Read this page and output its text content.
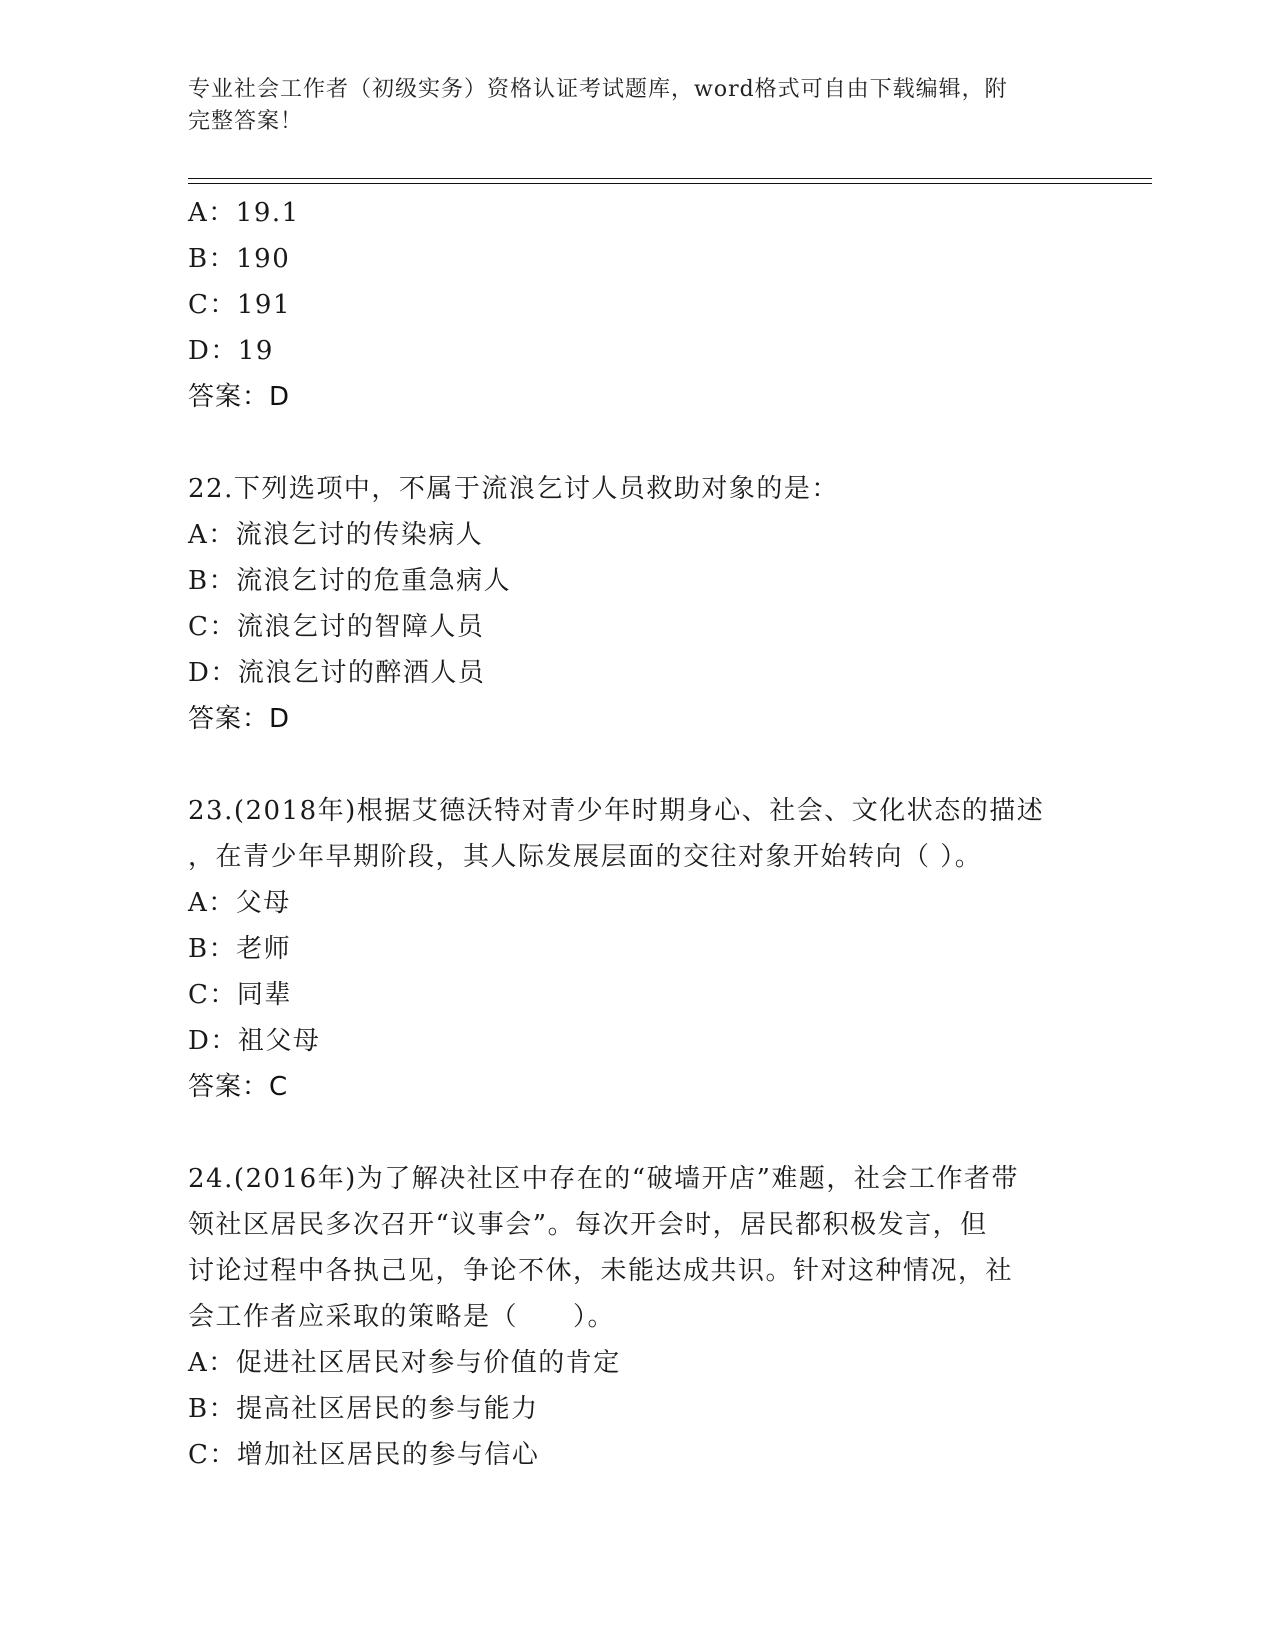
专业社会工作者（初级实务）资格认证考试题库，word格式可自由下载编辑，附
完整答案！
A：19.1
B：190
C：191
D：19
答案：D
22.下列选项中，不属于流浪乞讨人员救助对象的是：
A：流浪乞讨的传染病人
B：流浪乞讨的危重急病人
C：流浪乞讨的智障人员
D：流浪乞讨的醉酒人员
答案：D
23.(2018年)根据艾德沃特对青少年时期身心、社会、文化状态的描述
，在青少年早期阶段，其人际发展层面的交往对象开始转向（ ）。
A：父母
B：老师
C：同辈
D：祖父母
答案：C
24.(2016年)为了解决社区中存在的“破墙开店”难题，社会工作者带
领社区居民多次召开“议事会”。每次开会时，居民都积极发言，但
讨论过程中各执己见，争论不休，未能达成共识。针对这种情况，社
会工作者应采取的策略是（　　）。
A：促进社区居民对参与价值的肯定
B：提高社区居民的参与能力
C：增加社区居民的参与信心
